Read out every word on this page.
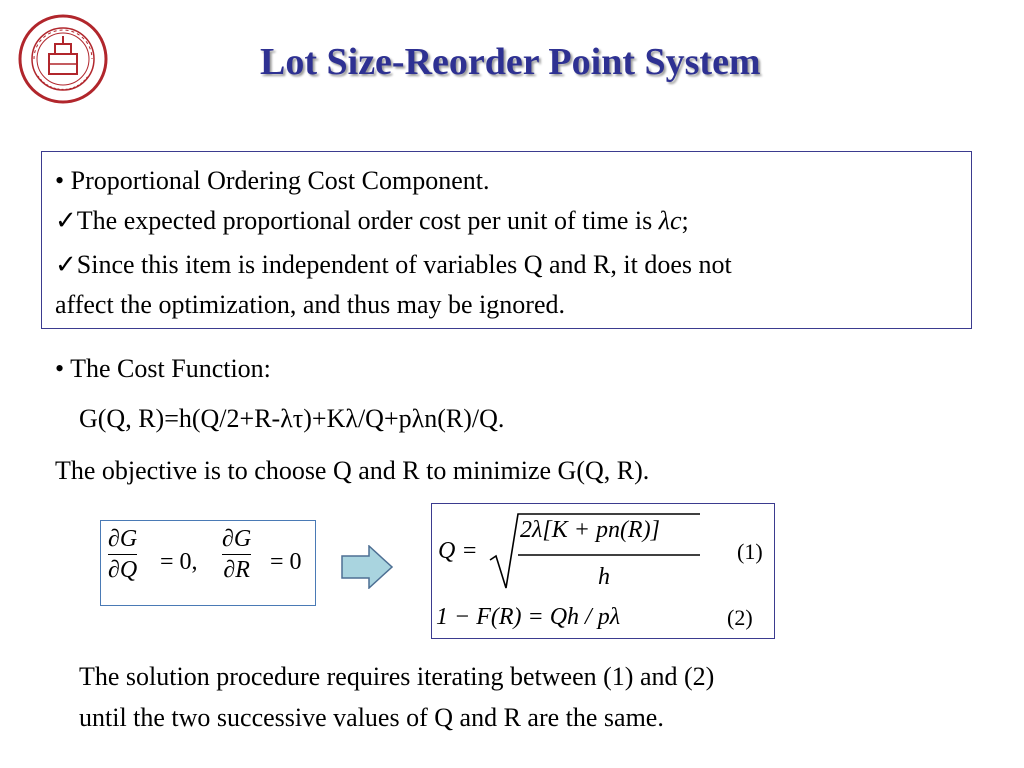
Lot Size-Reorder Point System
• Proportional Ordering Cost Component.
✓The expected proportional order cost per unit of time is λc;
✓Since this item is independent of variables Q and R, it does not
affect the optimization, and thus may be ignored.
• The Cost Function:
G(Q, R)=h(Q/2+R-λτ)+Kλ/Q+pλn(R)/Q.
The objective is to choose Q and R to minimize G(Q, R).
∂G
∂Q = 0,
∂G
∂R = 0	Q =
2λ[K + pn(R)]
h
(1)
1 − F(R) = Qh / pλ	(2)
The solution procedure requires iterating between (1) and (2)
until the two successive values of Q and R are the same.
